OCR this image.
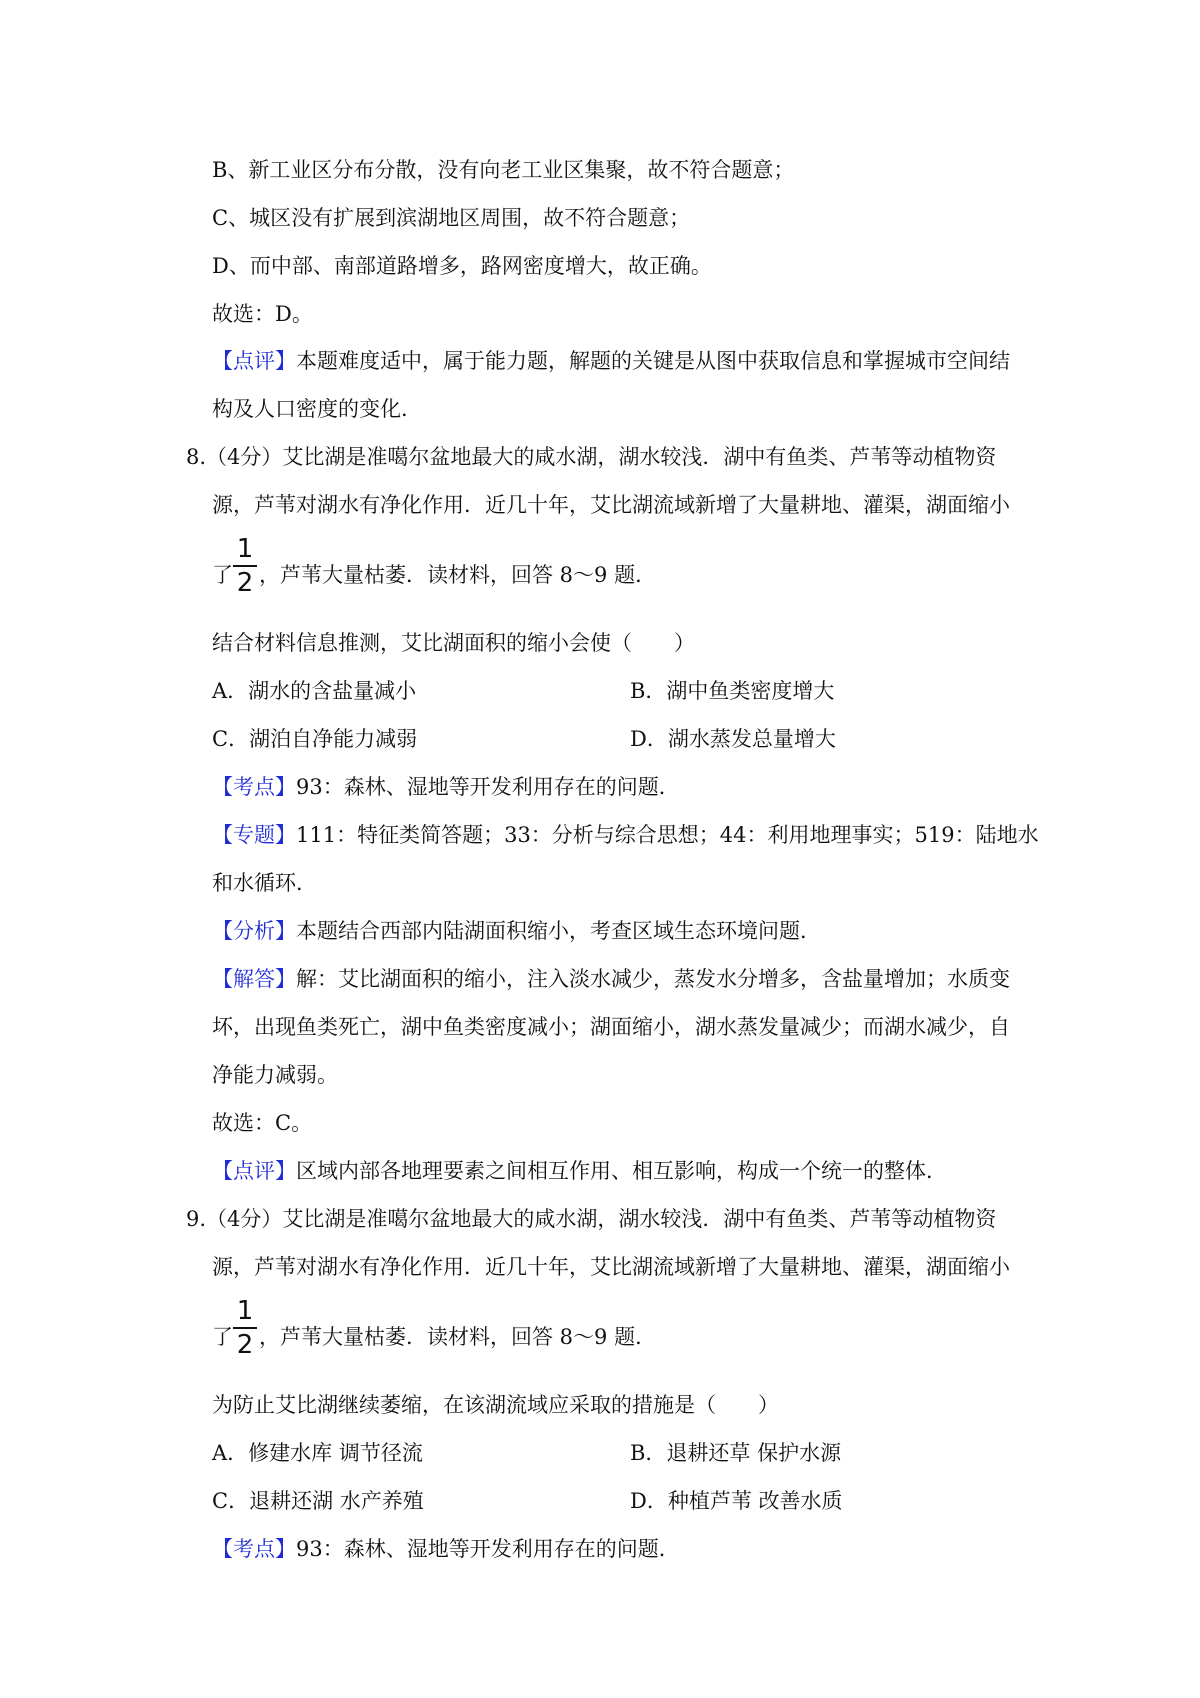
B、新工业区分布分散，没有向老工业区集聚，故不符合题意；
C、城区没有扩展到滨湖地区周围，故不符合题意；
D、而中部、南部道路增多，路网密度增大，故正确。
故选：D。
【点评】本题难度适中，属于能力题，解题的关键是从图中获取信息和掌握城市空间结
构及人口密度的变化.
8.（4分）艾比湖是准噶尔盆地最大的咸水湖，湖水较浅．湖中有鱼类、芦苇等动植物资
源，芦苇对湖水有净化作用．近几十年，艾比湖流域新增了大量耕地、灌渠，湖面缩小
了 ，芦苇大量枯萎．读材料，回答 8～9 题．
1
2
结合材料信息推测，艾比湖面积的缩小会使（　　）
A．湖水的含盐量减小	B．湖中鱼类密度增大
C．湖泊自净能力减弱	D．湖水蒸发总量增大
【考点】93：森林、湿地等开发利用存在的问题．
【专题】111：特征类简答题；33：分析与综合思想；44：利用地理事实；519：陆地水
和水循环．
【分析】本题结合西部内陆湖面积缩小，考查区域生态环境问题．
【解答】解：艾比湖面积的缩小，注入淡水减少，蒸发水分增多，含盐量增加；水质变
坏，出现鱼类死亡，湖中鱼类密度减小；湖面缩小，湖水蒸发量减少；而湖水减少，自
净能力减弱。
故选：C。
【点评】区域内部各地理要素之间相互作用、相互影响，构成一个统一的整体．
9.（4分）艾比湖是准噶尔盆地最大的咸水湖，湖水较浅．湖中有鱼类、芦苇等动植物资
源，芦苇对湖水有净化作用．近几十年，艾比湖流域新增了大量耕地、灌渠，湖面缩小
了 ，芦苇大量枯萎．读材料，回答 8～9 题．
1
2
为防止艾比湖继续萎缩，在该湖流域应采取的措施是（　　）
A．修建水库 调节径流	B．退耕还草 保护水源
C．退耕还湖 水产养殖	D．种植芦苇 改善水质
【考点】93：森林、湿地等开发利用存在的问题．
